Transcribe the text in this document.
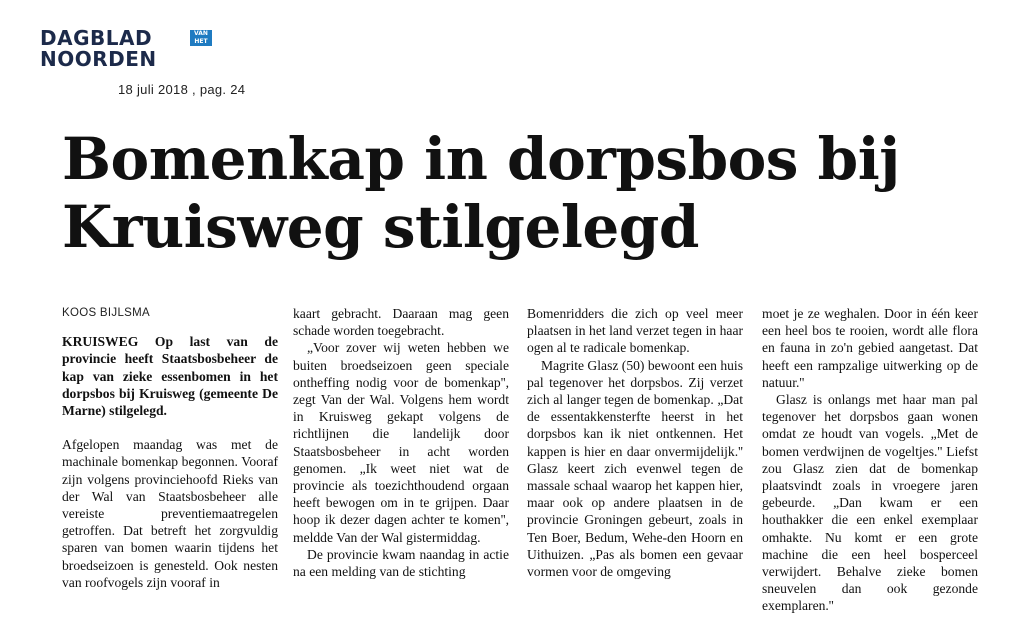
DAGBLAD	VAN HET
NOORDEN
18 juli 2018 , pag. 24
Bomenkap in dorpsbos bij Kruisweg stilgelegd

KOOS BIJLSMA

KRUISWEG Op last van de provincie heeft Staatsbosbeheer de kap van zieke essenbomen in het dorpsbos bij Kruisweg (gemeente De Marne) stilgelegd.

Afgelopen maandag was met de machinale bomenkap begonnen. Vooraf zijn volgens provinciehoofd Rieks van der Wal van Staatsbosbeheer alle vereiste preventiemaatregelen getroffen. Dat betreft het zorgvuldig sparen van bomen waarin tijdens het broedseizoen is genesteld. Ook nesten van roofvogels zijn vooraf in

kaart gebracht. Daaraan mag geen schade worden toegebracht.

„Voor zover wij weten hebben we buiten broedseizoen geen speciale ontheffing nodig voor de bomenkap'', zegt Van der Wal. Volgens hem wordt in Kruisweg gekapt volgens de richtlijnen die landelijk door Staatsbosbeheer in acht worden genomen. „Ik weet niet wat de provincie als toezichthoudend orgaan heeft bewogen om in te grijpen. Daar hoop ik dezer dagen achter te komen'', meldde Van der Wal gistermiddag.

De provincie kwam naandag in actie na een melding van de stichting

Bomenridders die zich op veel meer plaatsen in het land verzet tegen in haar ogen al te radicale bomenkap.

Magrite Glasz (50) bewoont een huis pal tegenover het dorpsbos. Zij verzet zich al langer tegen de bomenkap. „Dat de essentakkensterfte heerst in het dorpsbos kan ik niet ontkennen. Het kappen is hier en daar onvermijdelijk.'' Glasz keert zich evenwel tegen de massale schaal waarop het kappen hier, maar ook op andere plaatsen in de provincie Groningen gebeurt, zoals in Ten Boer, Bedum, Wehe-den Hoorn en Uithuizen. „Pas als bomen een gevaar vormen voor de omgeving

moet je ze weghalen. Door in één keer een heel bos te rooien, wordt alle flora en fauna in zo'n gebied aangetast. Dat heeft een rampzalige uitwerking op de natuur.''

Glasz is onlangs met haar man pal tegenover het dorpsbos gaan wonen omdat ze houdt van vogels. „Met de bomen verdwijnen de vogeltjes.'' Liefst zou Glasz zien dat de bomenkap plaatsvindt zoals in vroegere jaren gebeurde. „Dan kwam er een houthakker die een enkel exemplaar omhakte. Nu komt er een grote machine die een heel bosperceel verwijdert. Behalve zieke bomen sneuvelen dan ook gezonde exemplaren.''
